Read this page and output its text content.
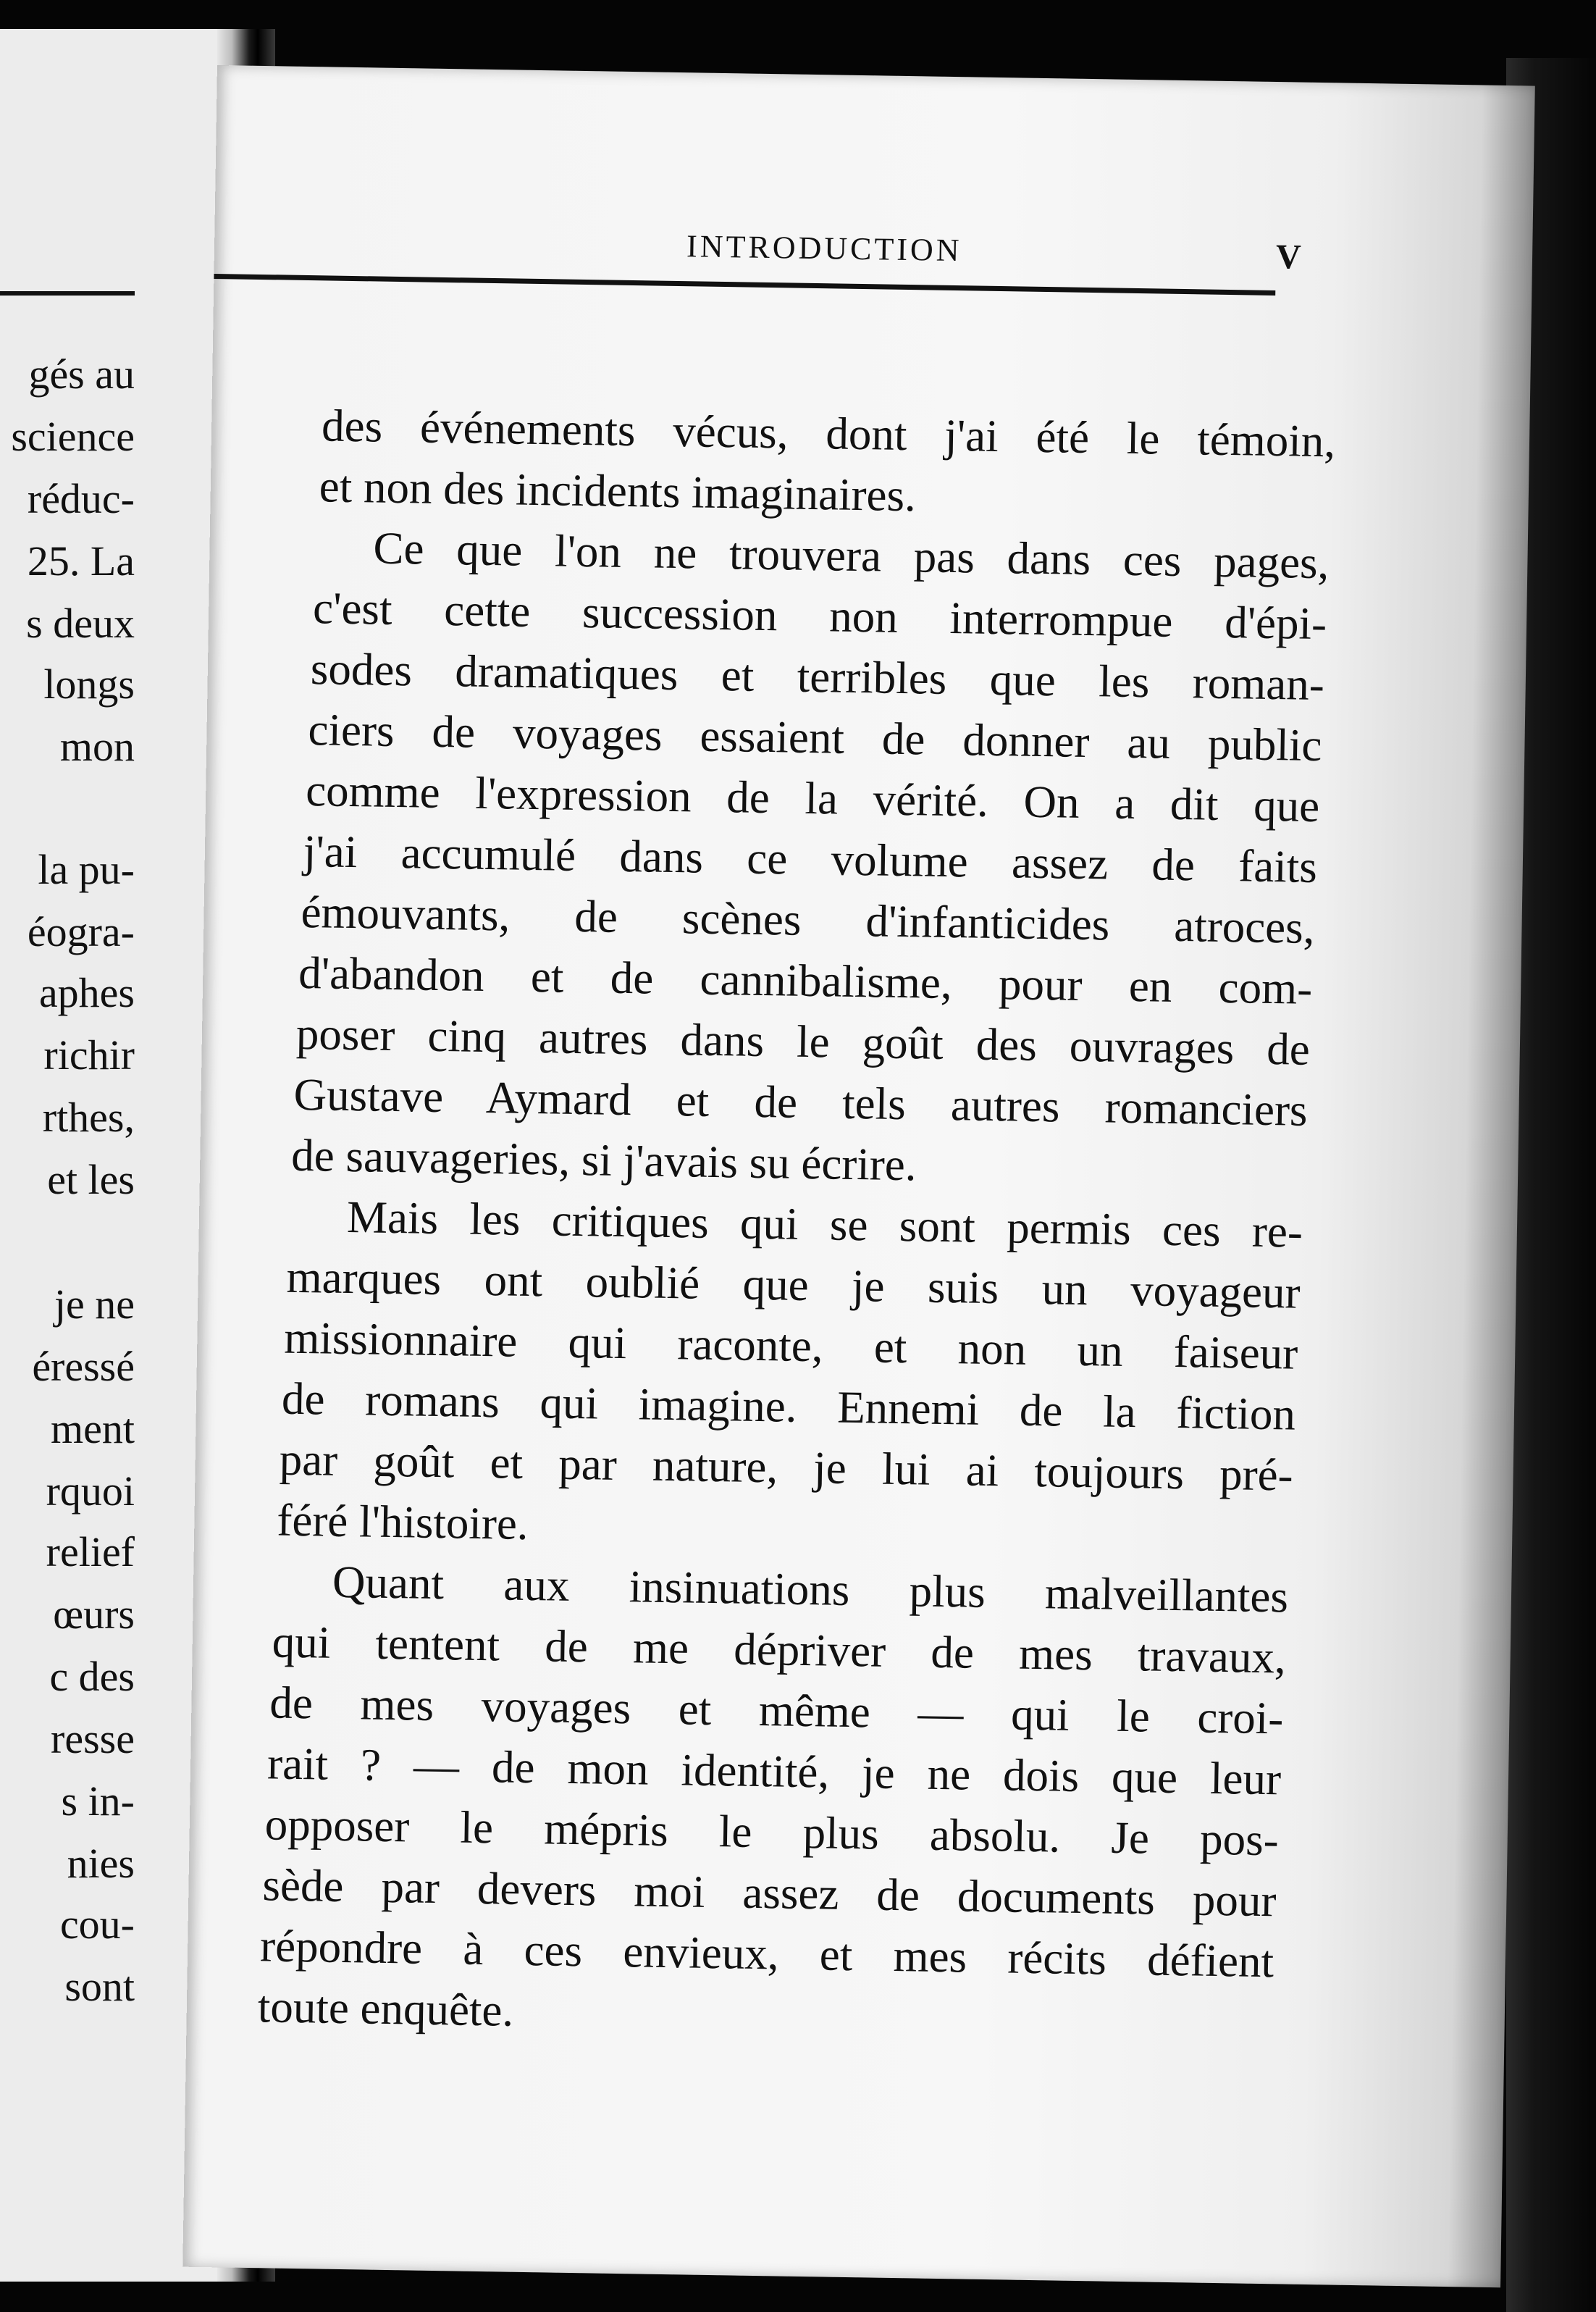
gés au
science
réduc-
25. La
s deux
longs
mon
la pu-
éogra-
aphes
richir
rthes,
et les
je ne
éressé
ment
rquoi
relief
œurs
c des
resse
s in-
nies
cou-
sont
INTRODUCTION	V
des événements vécus, dont j'ai été le témoin,
et non des incidents imaginaires.
Ce que l'on ne trouvera pas dans ces pages,
c'est cette succession non interrompue d'épi-
sodes dramatiques et terribles que les roman-
ciers de voyages essaient de donner au public
comme l'expression de la vérité. On a dit que
j'ai accumulé dans ce volume assez de faits
émouvants, de scènes d'infanticides atroces,
d'abandon et de cannibalisme, pour en com-
poser cinq autres dans le goût des ouvrages de
Gustave Aymard et de tels autres romanciers
de sauvageries, si j'avais su écrire.
Mais les critiques qui se sont permis ces re-
marques ont oublié que je suis un voyageur
missionnaire qui raconte, et non un faiseur
de romans qui imagine. Ennemi de la fiction
par goût et par nature, je lui ai toujours pré-
féré l'histoire.
Quant aux insinuations plus malveillantes
qui tentent de me dépriver de mes travaux,
de mes voyages et même — qui le croi-
rait ? — de mon identité, je ne dois que leur
opposer le mépris le plus absolu. Je pos-
sède par devers moi assez de documents pour
répondre à ces envieux, et mes récits défient
toute enquête.
